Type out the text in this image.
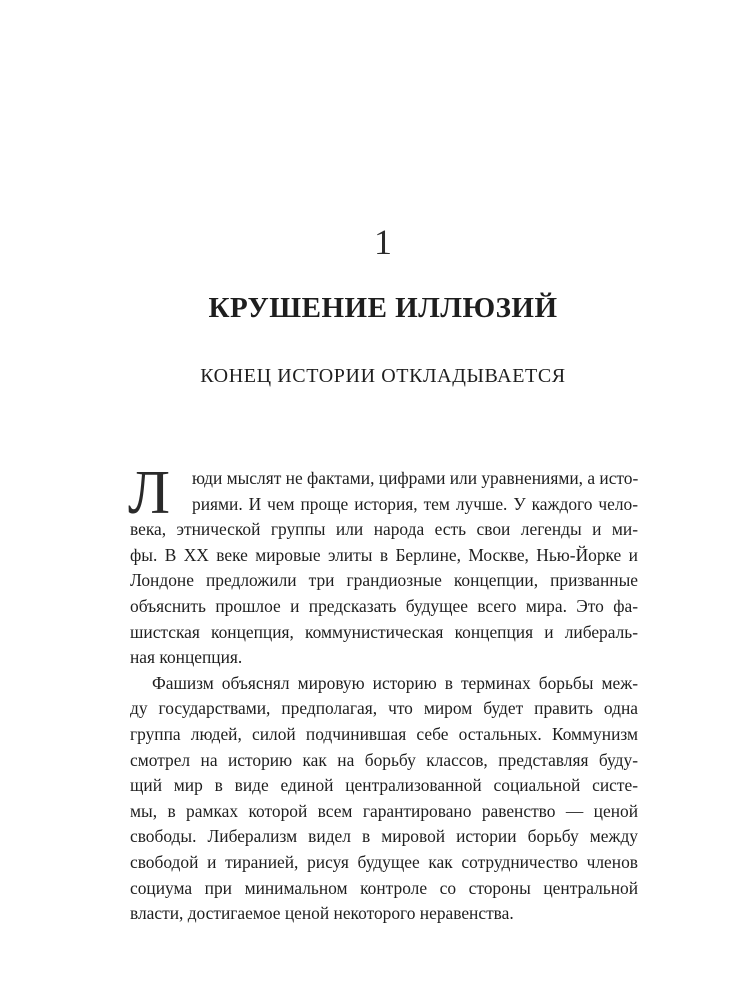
1
КРУШЕНИЕ ИЛЛЮЗИЙ
КОНЕЦ ИСТОРИИ ОТКЛАДЫВАЕТСЯ
Л	юди мыслят не фактами, цифрами или уравнениями, а исто-
риями. И чем проще история, тем лучше. У каждого чело-
века, этнической группы или народа есть свои легенды и ми-
фы. В XX веке мировые элиты в Берлине, Москве, Нью-Йорке и
Лондоне предложили три грандиозные концепции, призванные
объяснить прошлое и предсказать будущее всего мира. Это фа-
шистская концепция, коммунистическая концепция и либераль-
ная концепция.
Фашизм объяснял мировую историю в терминах борьбы меж-
ду государствами, предполагая, что миром будет править одна
группа людей, силой подчинившая себе остальных. Коммунизм
смотрел на историю как на борьбу классов, представляя буду-
щий мир в виде единой централизованной социальной систе-
мы, в рамках которой всем гарантировано равенство — ценой
свободы. Либерализм видел в мировой истории борьбу между
свободой и тиранией, рисуя будущее как сотрудничество членов
социума при минимальном контроле со стороны центральной
власти, достигаемое ценой некоторого неравенства.
